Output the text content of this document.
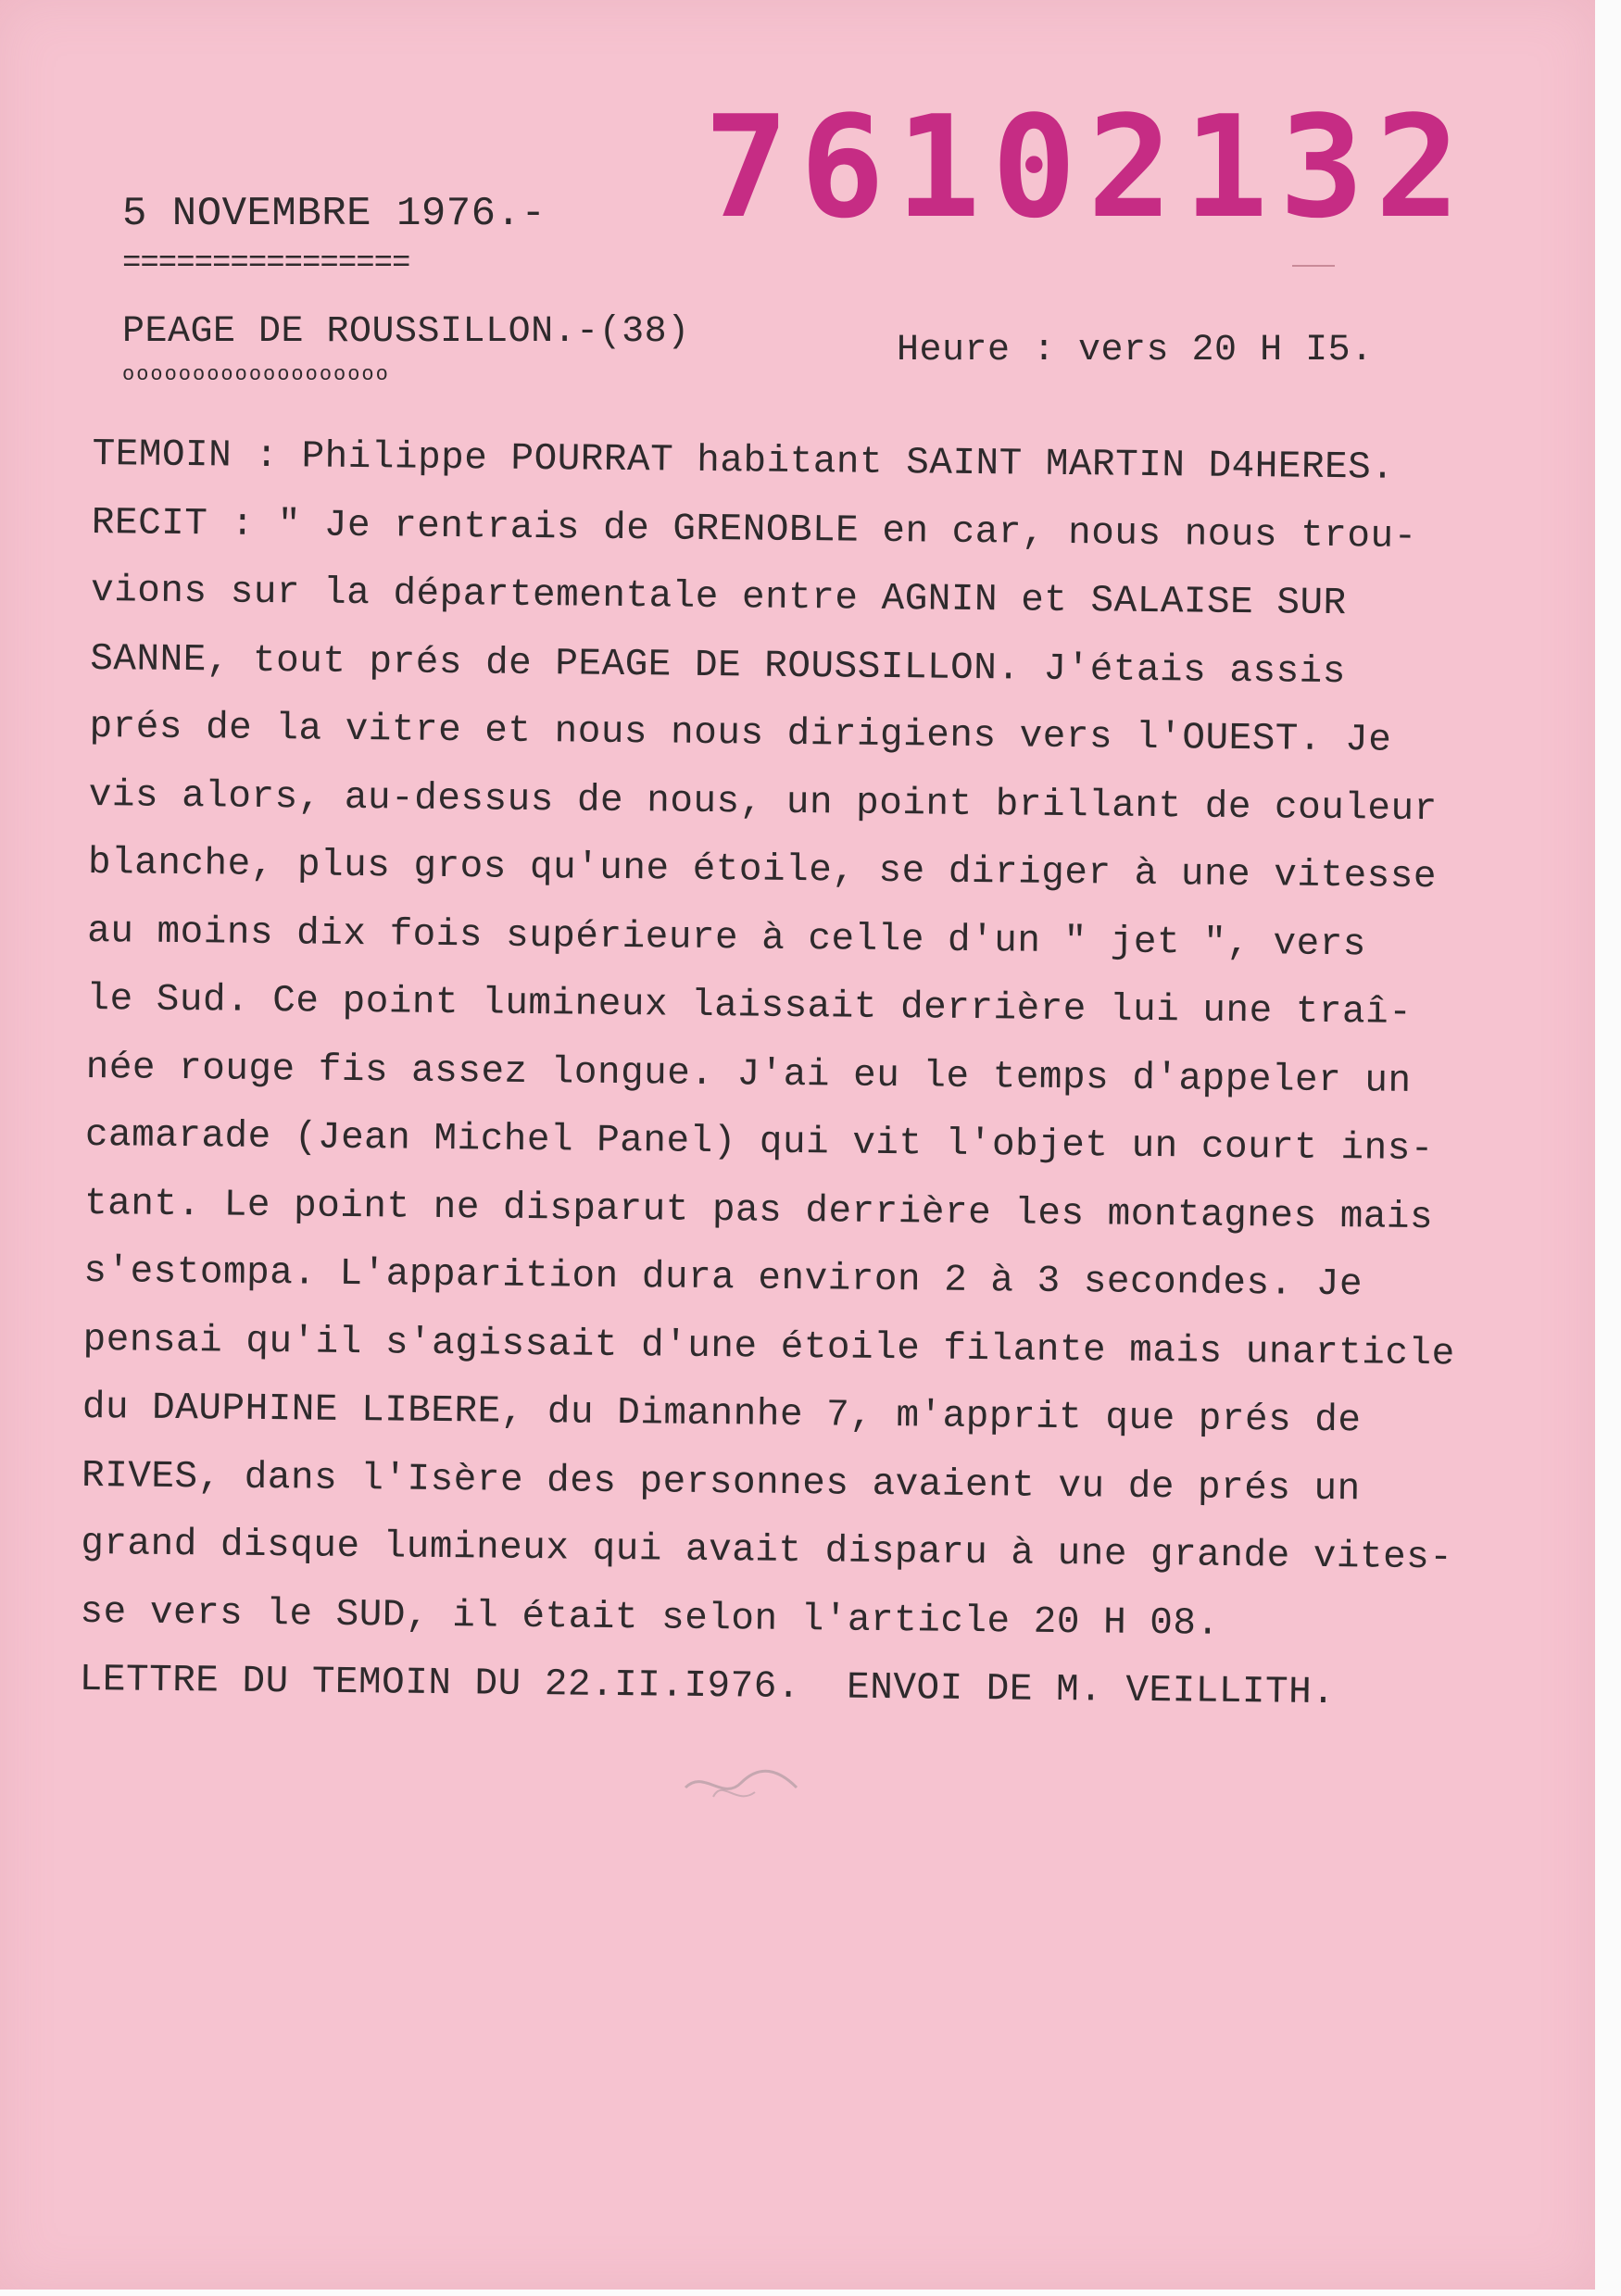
76102132
5 NOVEMBRE 1976.-
================
PEAGE DE ROUSSILLON.-(38)
ooooooooooooooooooo
Heure : vers 20 H I5.
TEMOIN : Philippe POURRAT habitant SAINT MARTIN D4HERES.
RECIT : " Je rentrais de GRENOBLE en car, nous nous trou-
vions sur la départementale entre AGNIN et SALAISE SUR
SANNE, tout prés de PEAGE DE ROUSSILLON. J'étais assis
prés de la vitre et nous nous dirigiens vers l'OUEST. Je
vis alors, au-dessus de nous, un point brillant de couleur
blanche, plus gros qu'une étoile, se diriger à une vitesse
au moins dix fois supérieure à celle d'un " jet ", vers
le Sud. Ce point lumineux laissait derrière lui une traî-
née rouge fis assez longue. J'ai eu le temps d'appeler un
camarade (Jean Michel Panel) qui vit l'objet un court ins-
tant. Le point ne disparut pas derrière les montagnes mais
s'estompa. L'apparition dura environ 2 à 3 secondes. Je
pensai qu'il s'agissait d'une étoile filante mais unarticle
du DAUPHINE LIBERE, du Dimannhe 7, m'apprit que prés de
RIVES, dans l'Isère des personnes avaient vu de prés un
grand disque lumineux qui avait disparu à une grande vites-
se vers le SUD, il était selon l'article 20 H 08.
LETTRE DU TEMOIN DU 22.II.I976.  ENVOI DE M. VEILLITH.
